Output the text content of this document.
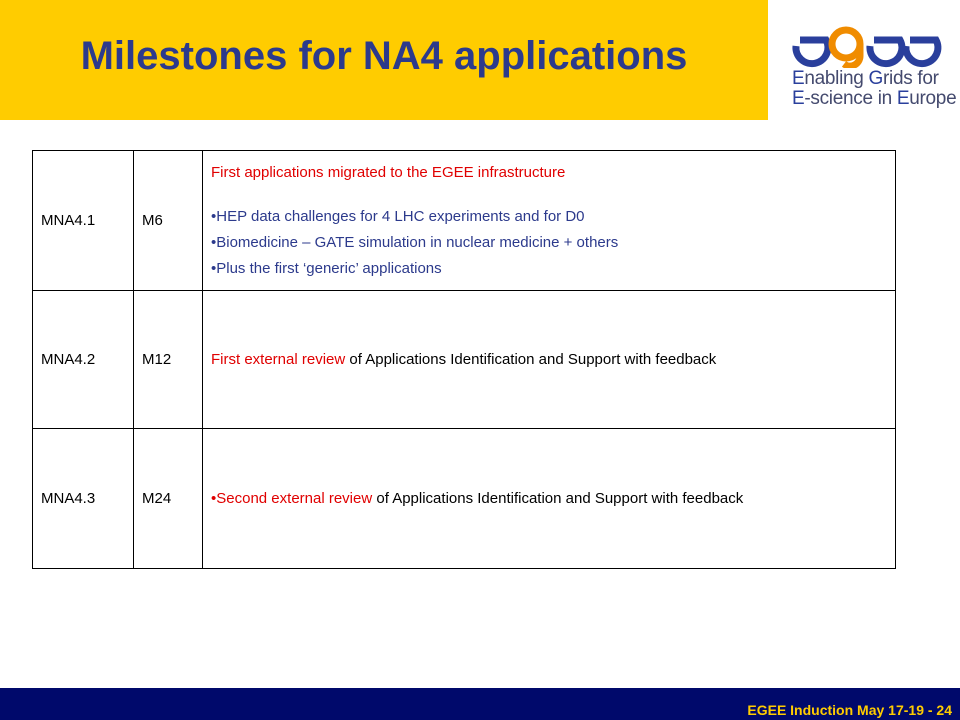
Milestones for NA4 applications
Enabling Grids for
E-science in Europe
MNA4.1	M6	First applications migrated to the EGEE infrastructure
•HEP data challenges for 4 LHC experiments and for D0
•Biomedicine – GATE simulation in nuclear medicine + others
•Plus the first ‘generic’ applications

MNA4.2	M12	First external review of Applications Identification and Support with feedback

MNA4.3	M24	•Second external review of Applications Identification and Support with feedback
EGEE Induction May 17-19 - 24
